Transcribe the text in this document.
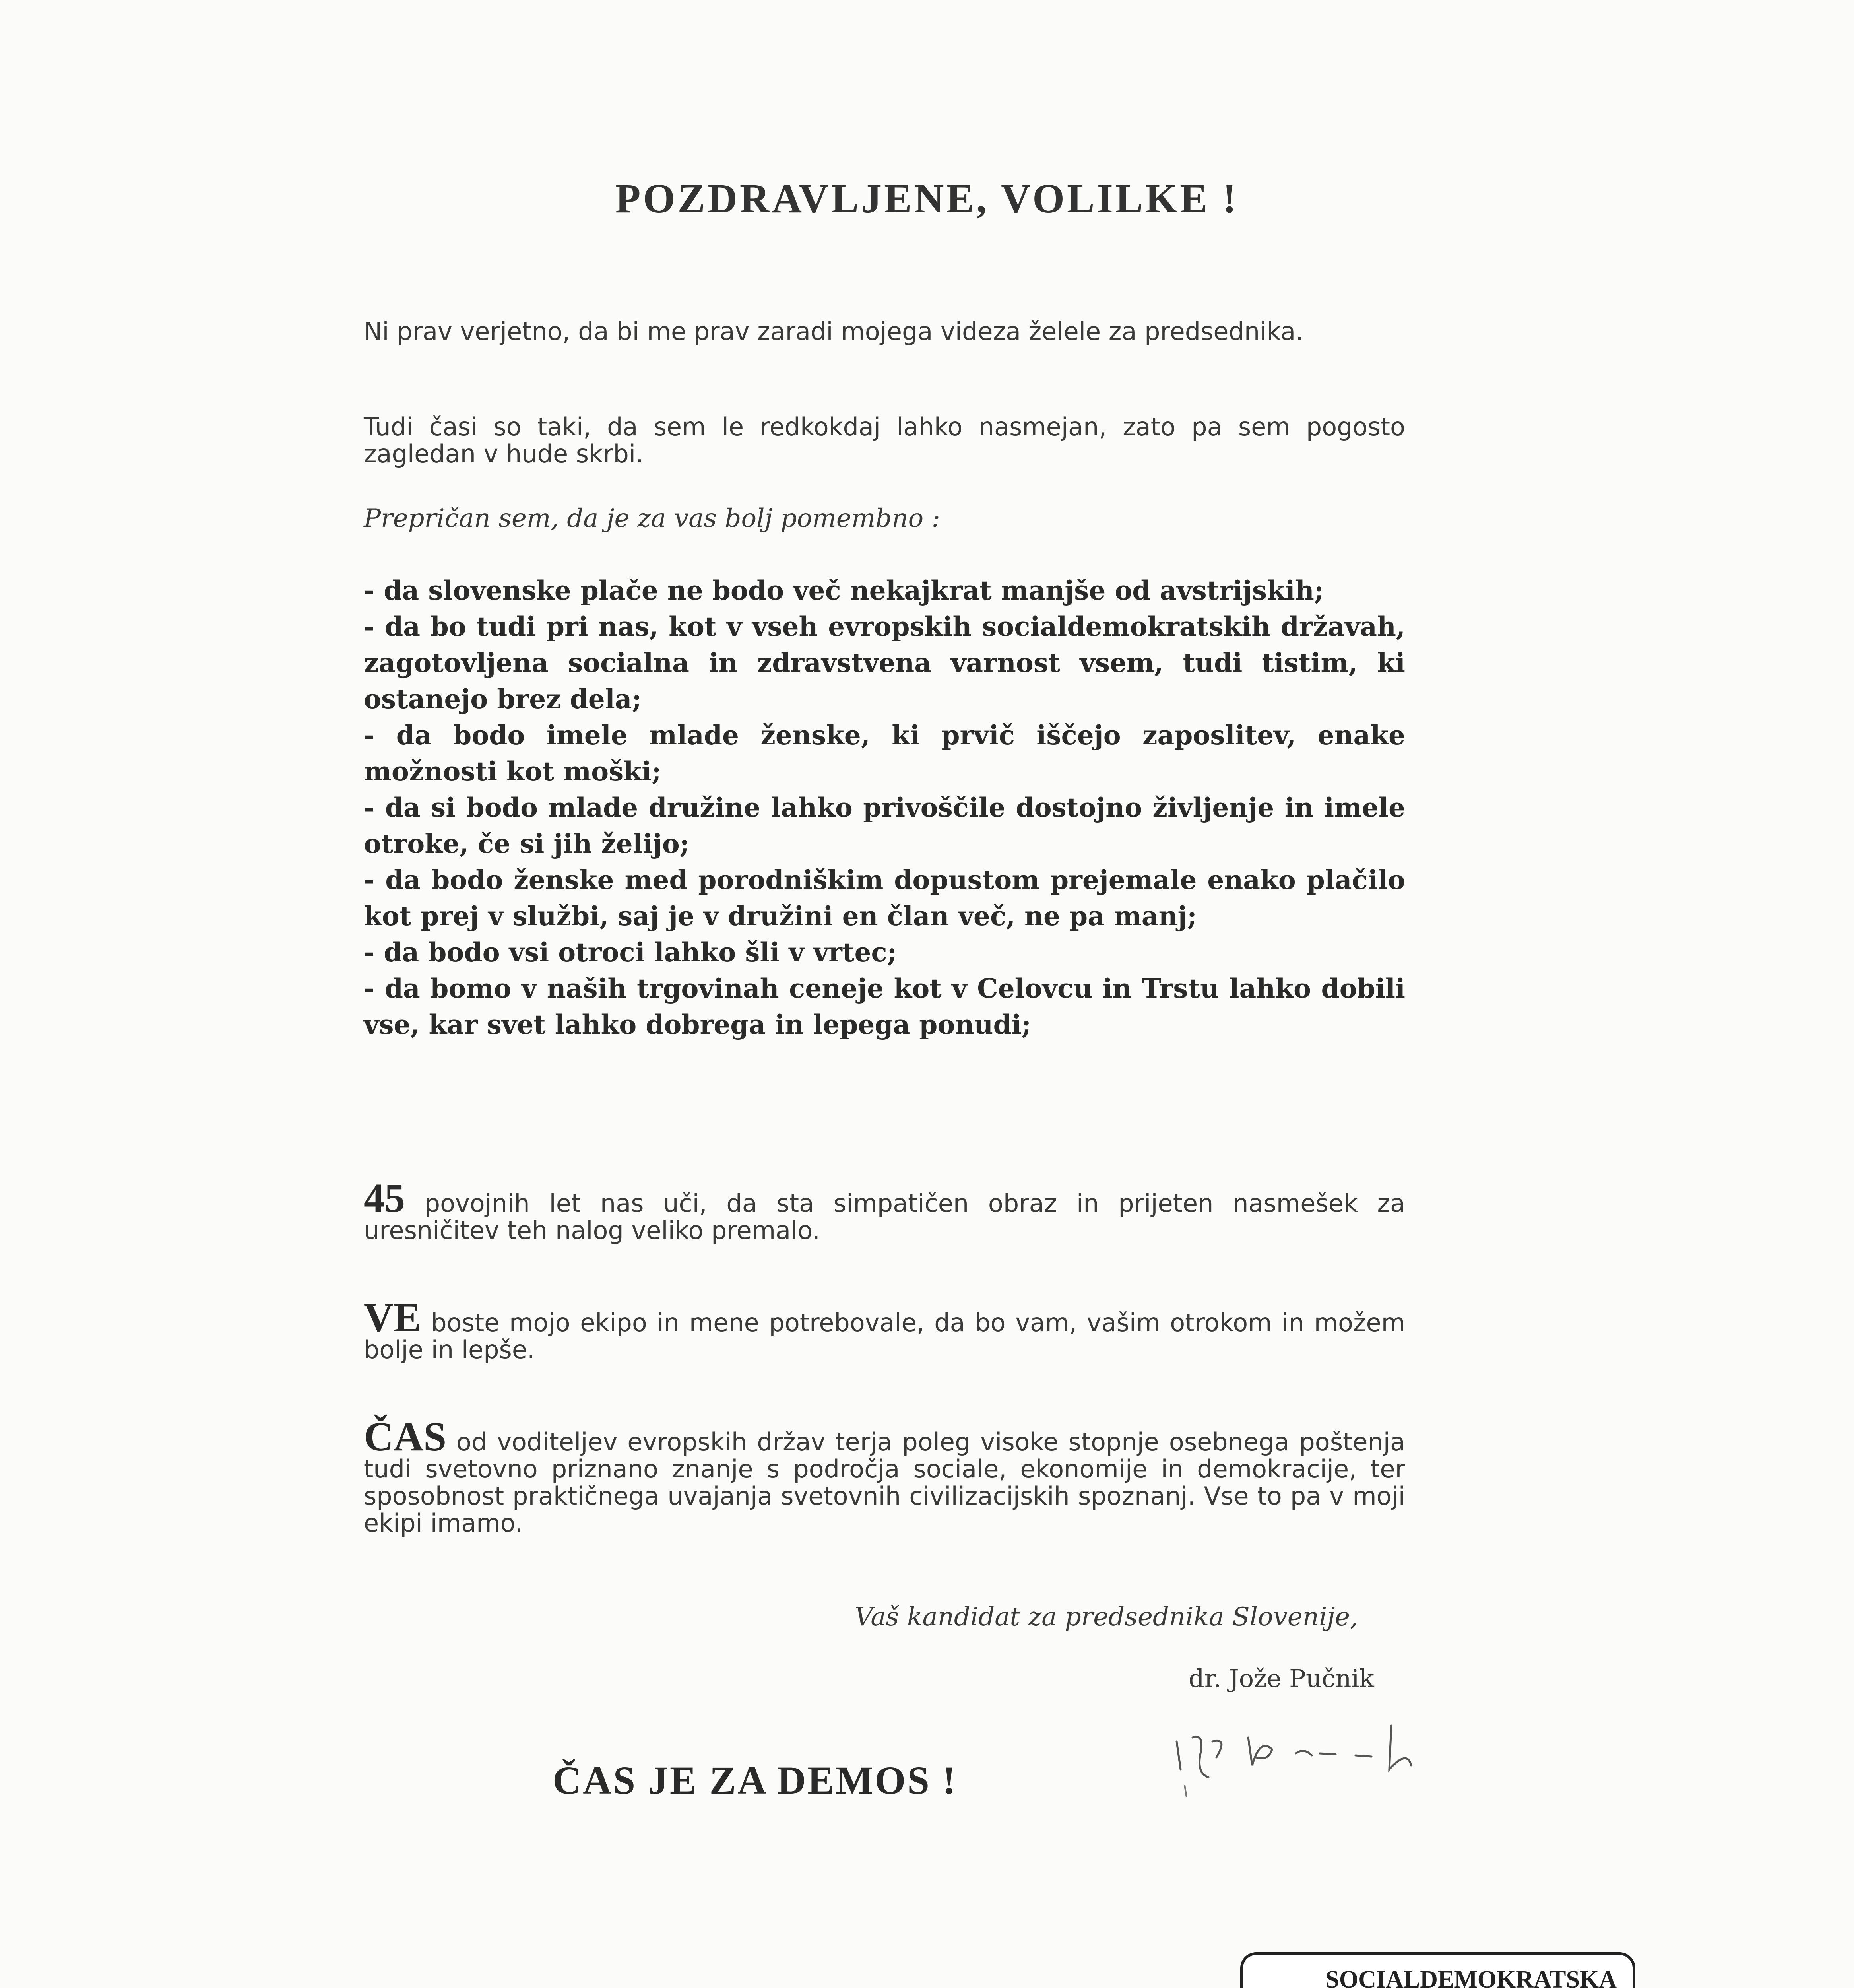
POZDRAVLJENE, VOLILKE !
Ni prav verjetno, da bi me prav zaradi mojega videza želele za predsednika.
Tudi časi so taki, da sem le redkokdaj lahko nasmejan, zato pa sem pogosto zagledan v hude skrbi.
Prepričan sem, da je za vas bolj pomembno :

- da slovenske plače ne bodo več nekajkrat manjše od avstrijskih;

- da bo tudi pri nas, kot v vseh evropskih socialdemokratskih državah, zagotovljena socialna in zdravstvena varnost vsem, tudi tistim, ki ostanejo brez dela;

- da bodo imele mlade ženske, ki prvič iščejo zaposlitev, enake možnosti kot moški;

- da si bodo mlade družine lahko privoščile dostojno življenje in imele otroke, če si jih želijo;

- da bodo ženske med porodniškim dopustom prejemale enako plačilo kot prej v službi, saj je v družini en član več, ne pa manj;

- da bodo vsi otroci lahko šli v vrtec;

- da bomo v naših trgovinah ceneje kot v Celovcu in Trstu lahko dobili vse, kar svet lahko dobrega in lepega ponudi;

45 povojnih let nas uči, da sta simpatičen obraz in prijeten nasmešek za uresničitev teh nalog veliko premalo.
VE boste mojo ekipo in mene potrebovale, da bo vam, vašim otrokom in možem bolje in lepše.
ČAS od voditeljev evropskih držav terja poleg visoke stopnje osebnega poštenja tudi svetovno priznano znanje s področja sociale, ekonomije in demokracije, ter sposobnost praktičnega uvajanja svetovnih civilizacijskih spoznanj. Vse to pa v moji ekipi imamo.
Vaš kandidat za predsednika Slovenije,
dr. Jože Pučnik
ČAS JE ZA DEMOS !
SOCIALDEMOKRATSKA
